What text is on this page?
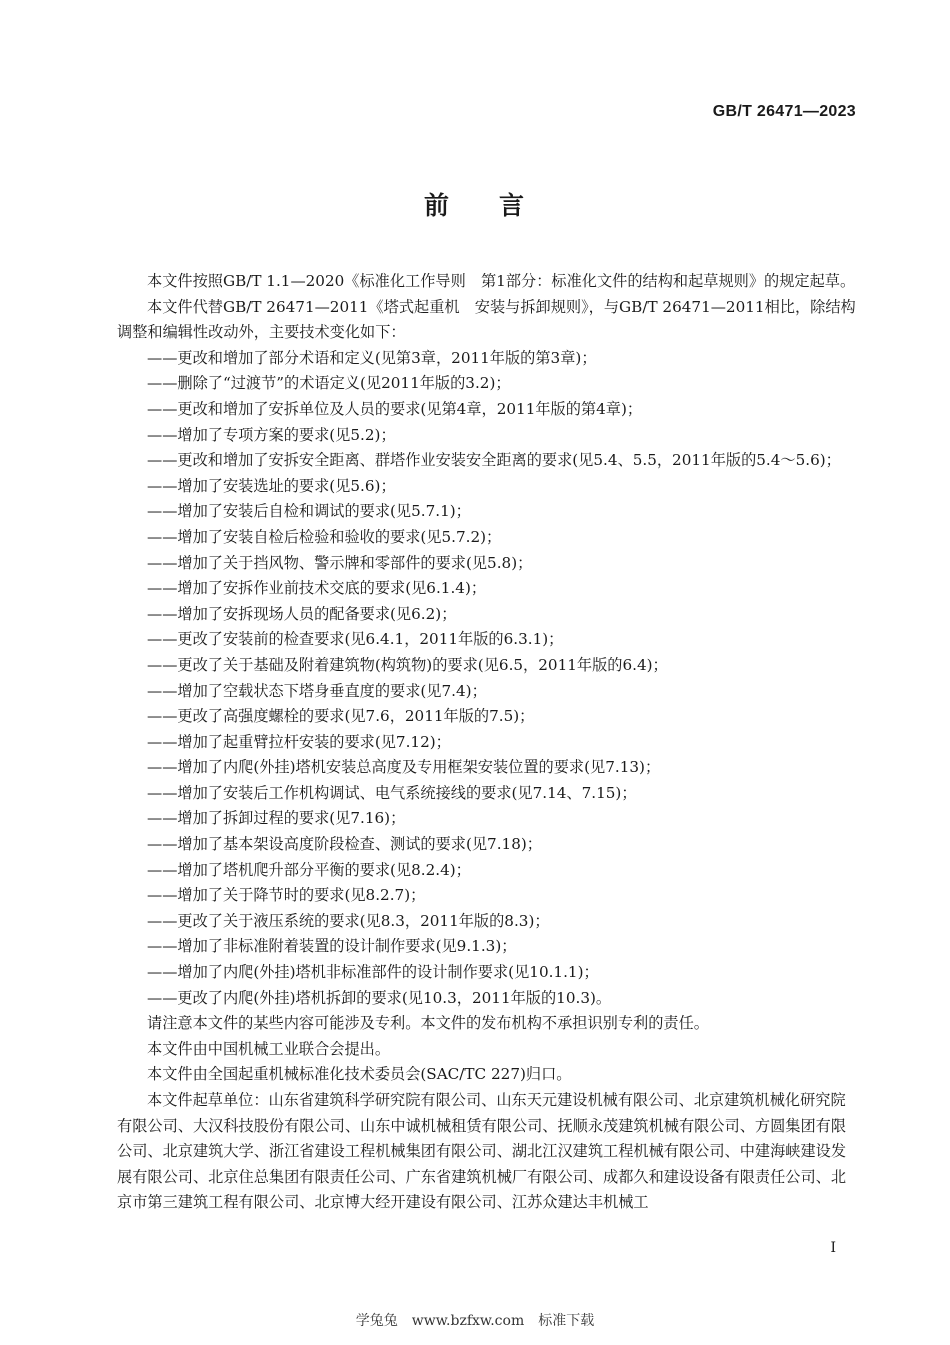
GB/T 26471—2023
前 言

本文件按照GB/T 1.1—2020《标准化工作导则　第1部分：标准化文件的结构和起草规则》的规定起草。

本文件代替GB/T 26471—2011《塔式起重机　安装与拆卸规则》，与GB/T 26471—2011相比，除结构调整和编辑性改动外，主要技术变化如下：

——更改和增加了部分术语和定义(见第3章，2011年版的第3章)；

——删除了“过渡节”的术语定义(见2011年版的3.2)；

——更改和增加了安拆单位及人员的要求(见第4章，2011年版的第4章)；

——增加了专项方案的要求(见5.2)；

——更改和增加了安拆安全距离、群塔作业安装安全距离的要求(见5.4、5.5，2011年版的5.4～5.6)；

——增加了安装选址的要求(见5.6)；

——增加了安装后自检和调试的要求(见5.7.1)；

——增加了安装自检后检验和验收的要求(见5.7.2)；

——增加了关于挡风物、警示牌和零部件的要求(见5.8)；

——增加了安拆作业前技术交底的要求(见6.1.4)；

——增加了安拆现场人员的配备要求(见6.2)；

——更改了安装前的检查要求(见6.4.1，2011年版的6.3.1)；

——更改了关于基础及附着建筑物(构筑物)的要求(见6.5，2011年版的6.4)；

——增加了空载状态下塔身垂直度的要求(见7.4)；

——更改了高强度螺栓的要求(见7.6，2011年版的7.5)；

——增加了起重臂拉杆安装的要求(见7.12)；

——增加了内爬(外挂)塔机安装总高度及专用框架安装位置的要求(见7.13)；

——增加了安装后工作机构调试、电气系统接线的要求(见7.14、7.15)；

——增加了拆卸过程的要求(见7.16)；

——增加了基本架设高度阶段检查、测试的要求(见7.18)；

——增加了塔机爬升部分平衡的要求(见8.2.4)；

——增加了关于降节时的要求(见8.2.7)；

——更改了关于液压系统的要求(见8.3，2011年版的8.3)；

——增加了非标准附着装置的设计制作要求(见9.1.3)；

——增加了内爬(外挂)塔机非标准部件的设计制作要求(见10.1.1)；

——更改了内爬(外挂)塔机拆卸的要求(见10.3，2011年版的10.3)。

请注意本文件的某些内容可能涉及专利。本文件的发布机构不承担识别专利的责任。

本文件由中国机械工业联合会提出。

本文件由全国起重机械标准化技术委员会(SAC/TC 227)归口。

本文件起草单位：山东省建筑科学研究院有限公司、山东天元建设机械有限公司、北京建筑机械化研究院有限公司、大汉科技股份有限公司、山东中诚机械租赁有限公司、抚顺永茂建筑机械有限公司、方圆集团有限公司、北京建筑大学、浙江省建设工程机械集团有限公司、湖北江汉建筑工程机械有限公司、中建海峡建设发展有限公司、北京住总集团有限责任公司、广东省建筑机械厂有限公司、成都久和建设设备有限责任公司、北京市第三建筑工程有限公司、北京博大经开建设有限公司、江苏众建达丰机械工

Ⅰ
学兔兔　www.bzfxw.com　标准下载
